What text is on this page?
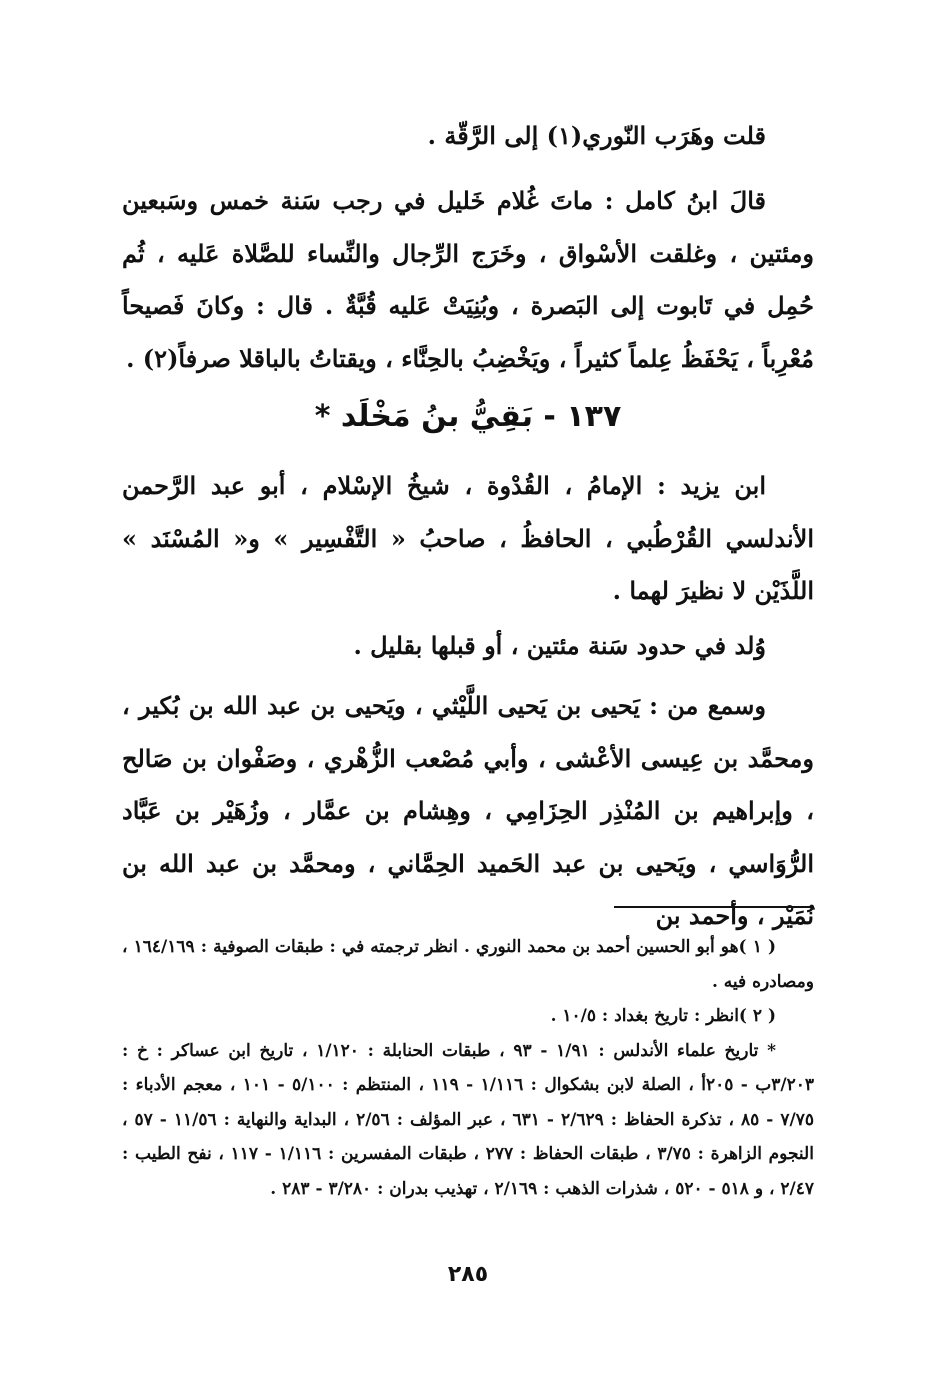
قلت وهَرَب النّوري(١) إلى الرَّقّة .

قالَ ابنُ كامل : ماتَ غُلام خَليل في رجب سَنة خمس وسَبعين ومئتين ، وغلقت الأسْواق ، وخَرَج الرِّجال والنِّساء للصَّلاة عَليه ، ثُم حُمِل في تَابوت إلى البَصرة ، وبُنِيَتْ عَليه قُبَّةٌ . قال : وكانَ فَصيحاً مُعْرِباً ، يَحْفَظُ عِلماً كثيراً ، ويَخْضِبُ بالحِنَّاء ، ويقتاتُ بالباقلا صرفاً(٢) .

١٣٧ - بَقِيُّ بنُ مَخْلَد *

ابن يزيد : الإمامُ ، القُدْوة ، شيخُ الإسْلام ، أبو عبد الرَّحمن الأندلسي القُرْطُبي ، الحافظُ ، صاحبُ « التَّفْسِير » و« المُسْنَد » اللَّذَيْن لا نظيرَ لهما .

وُلد في حدود سَنة مئتين ، أو قبلها بقليل .

وسمع من : يَحيى بن يَحيى اللَّيْثي ، ويَحيى بن عبد الله بن بُكير ، ومحمَّد بن عِيسى الأعْشى ، وأبي مُصْعب الزُّهْري ، وصَفْوان بن صَالح ، وإبراهيم بن المُنْذِر الحِزَامِي ، وهِشام بن عمَّار ، وزُهَيْر بن عَبَّاد الرُّوَاسي ، ويَحيى بن عبد الحَميد الحِمَّاني ، ومحمَّد بن عبد الله بن نُمَيْر ، وأحمد بن

( ١ )هو أبو الحسين أحمد بن محمد النوري . انظر ترجمته في : طبقات الصوفية : ١٦٤/١٦٩ ، ومصادره فيه .

( ٢ )انظر : تاريخ بغداد : ١٠/٥ .

* تاريخ علماء الأندلس : ١/٩١ - ٩٣ ، طبقات الحنابلة : ١/١٢٠ ، تاريخ ابن عساكر : خ : ٣/٢٠٣ب - ٢٠٥أ ، الصلة لابن بشكوال : ١/١١٦ - ١١٩ ، المنتظم : ٥/١٠٠ - ١٠١ ، معجم الأدباء : ٧/٧٥ - ٨٥ ، تذكرة الحفاظ : ٢/٦٢٩ - ٦٣١ ، عبر المؤلف : ٢/٥٦ ، البداية والنهاية : ١١/٥٦ - ٥٧ ، النجوم الزاهرة : ٣/٧٥ ، طبقات الحفاظ : ٢٧٧ ، طبقات المفسرين : ١/١١٦ - ١١٧ ، نفح الطيب : ٢/٤٧ ، و ٥١٨ - ٥٢٠ ، شذرات الذهب : ٢/١٦٩ ، تهذيب بدران : ٣/٢٨٠ - ٢٨٣ .

٢٨٥
